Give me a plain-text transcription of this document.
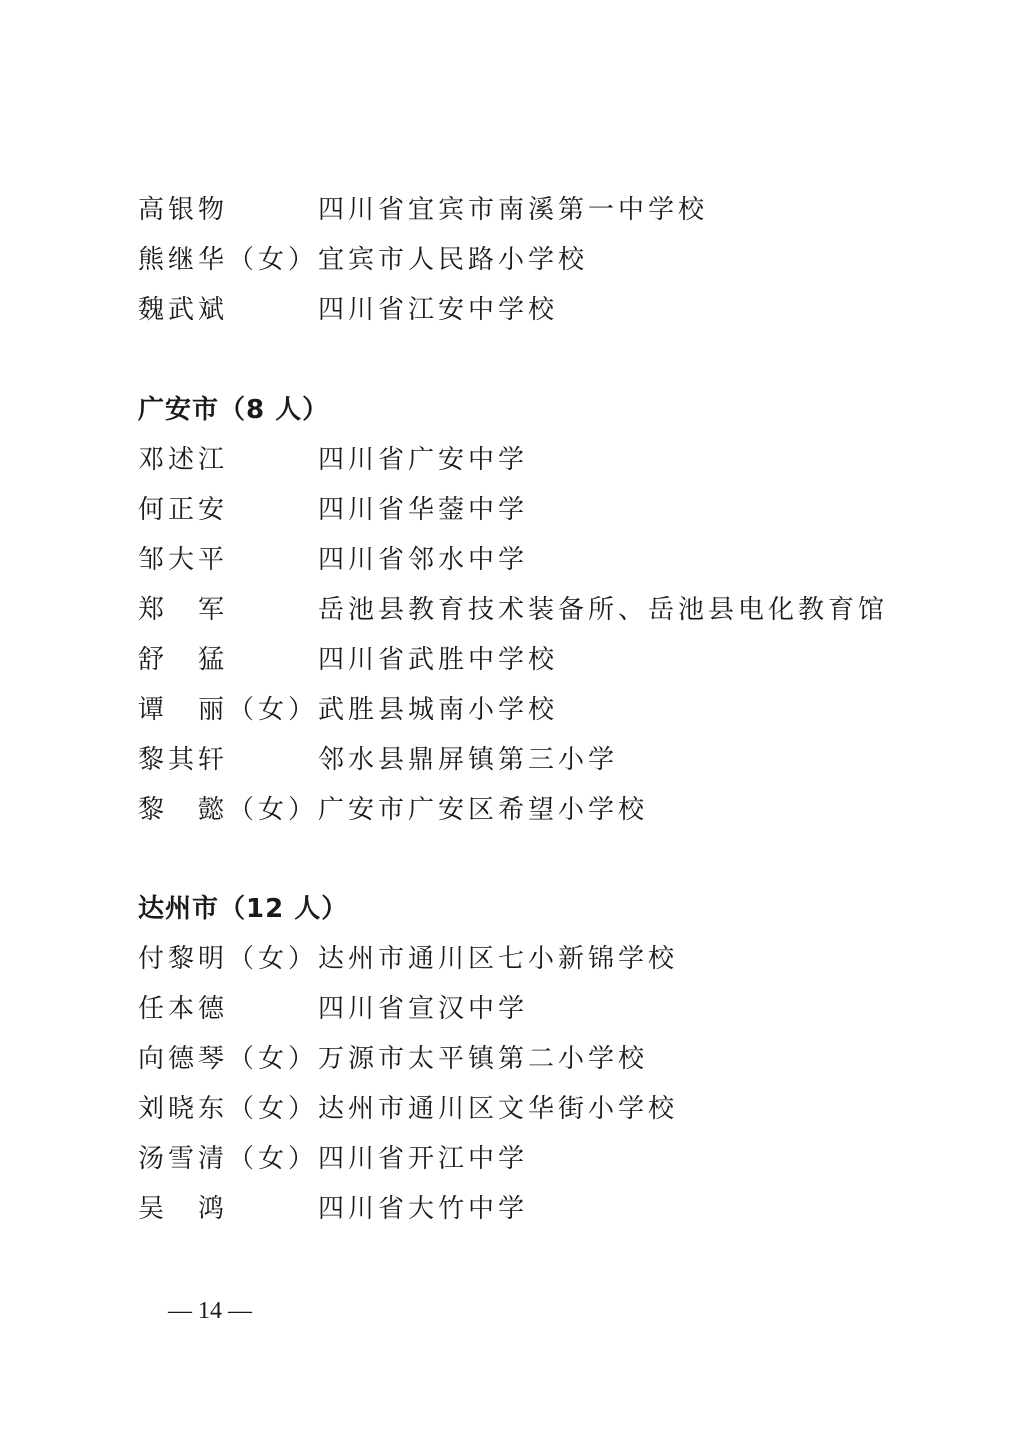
高银物	四川省宜宾市南溪第一中学校
熊继华（女） 宜宾市人民路小学校
魏武斌	四川省江安中学校
广安市（8 人）
邓述江	四川省广安中学
何正安	四川省华蓥中学
邹大平	四川省邻水中学
郑　军	岳池县教育技术装备所、岳池县电化教育馆
舒　猛	四川省武胜中学校
谭　丽（女） 武胜县城南小学校
黎其轩	邻水县鼎屏镇第三小学
黎　懿（女） 广安市广安区希望小学校
达州市（12 人）
付黎明（女） 达州市通川区七小新锦学校
任本德	四川省宣汉中学
向德琴（女） 万源市太平镇第二小学校
刘晓东（女） 达州市通川区文华街小学校
汤雪清（女） 四川省开江中学
吴　鸿	四川省大竹中学
— 14 —
